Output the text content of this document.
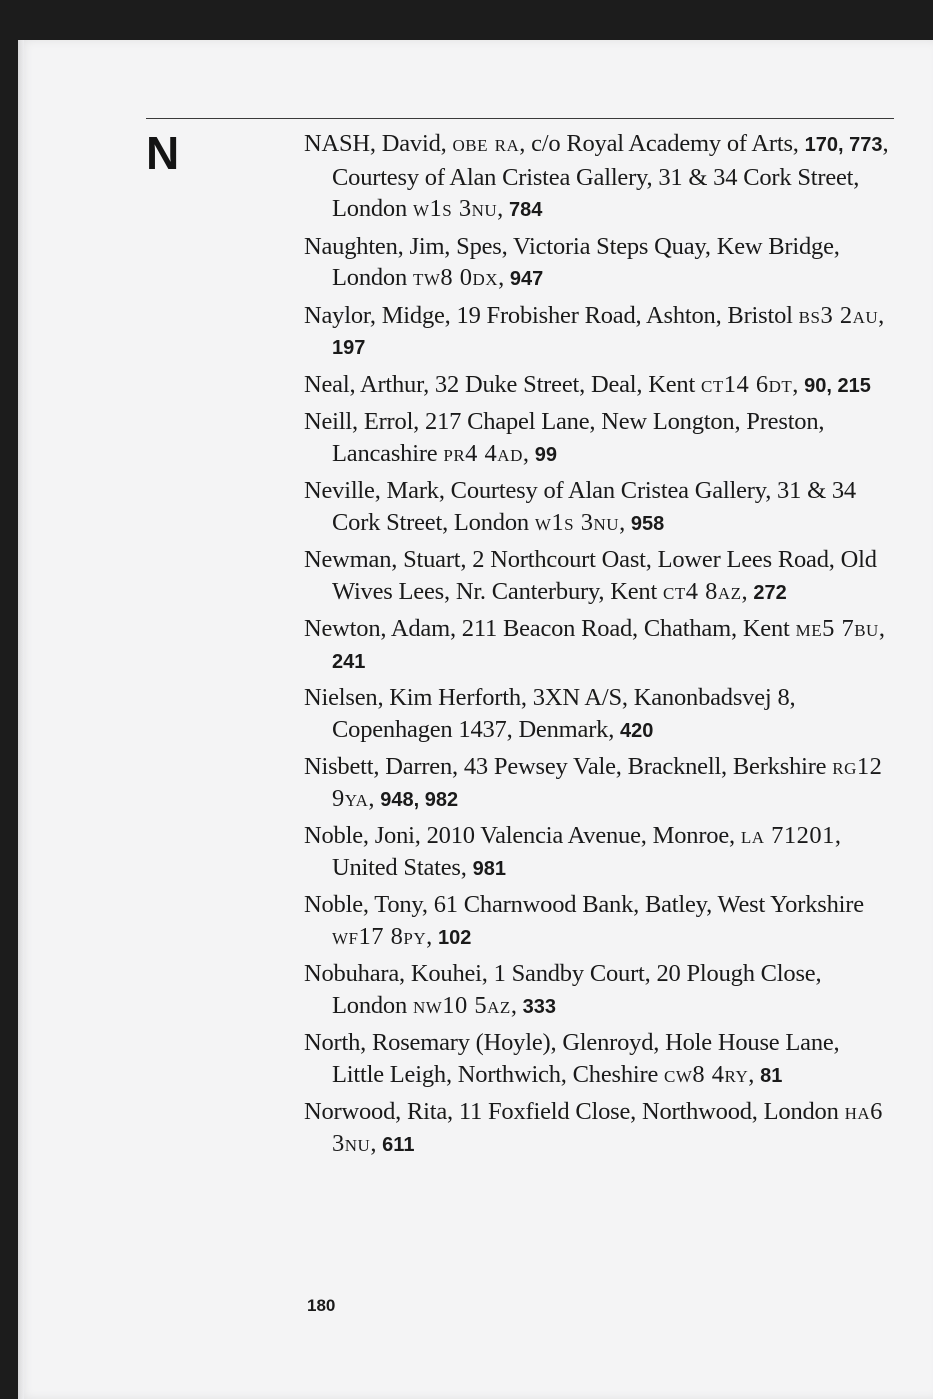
N	NASH, David, obe ra, c/o Royal Academy of Arts, 170, 773, Courtesy of Alan Cristea Gallery, 31 & 34 Cork Street, London w1s 3nu, 784
Naughten, Jim, Spes, Victoria Steps Quay, Kew Bridge, London tw8 0dx, 947
Naylor, Midge, 19 Frobisher Road, Ashton, Bristol bs3 2au, 197
Neal, Arthur, 32 Duke Street, Deal, Kent ct14 6dt, 90, 215
Neill, Errol, 217 Chapel Lane, New Longton, Preston, Lancashire pr4 4ad, 99
Neville, Mark, Courtesy of Alan Cristea Gallery, 31 & 34 Cork Street, London w1s 3nu, 958
Newman, Stuart, 2 Northcourt Oast, Lower Lees Road, Old Wives Lees, Nr. Canterbury, Kent ct4 8az, 272
Newton, Adam, 211 Beacon Road, Chatham, Kent me5 7bu, 241
Nielsen, Kim Herforth, 3XN A/S, Kanonbadsvej 8, Copenhagen 1437, Denmark, 420
Nisbett, Darren, 43 Pewsey Vale, Bracknell, Berkshire rg12 9ya, 948, 982
Noble, Joni, 2010 Valencia Avenue, Monroe, la 71201, United States, 981
Noble, Tony, 61 Charnwood Bank, Batley, West Yorkshire wf17 8py, 102
Nobuhara, Kouhei, 1 Sandby Court, 20 Plough Close, London nw10 5az, 333
North, Rosemary (Hoyle), Glenroyd, Hole House Lane, Little Leigh, Northwich, Cheshire cw8 4ry, 81
Norwood, Rita, 11 Foxfield Close, Northwood, London ha6 3nu, 611
180
